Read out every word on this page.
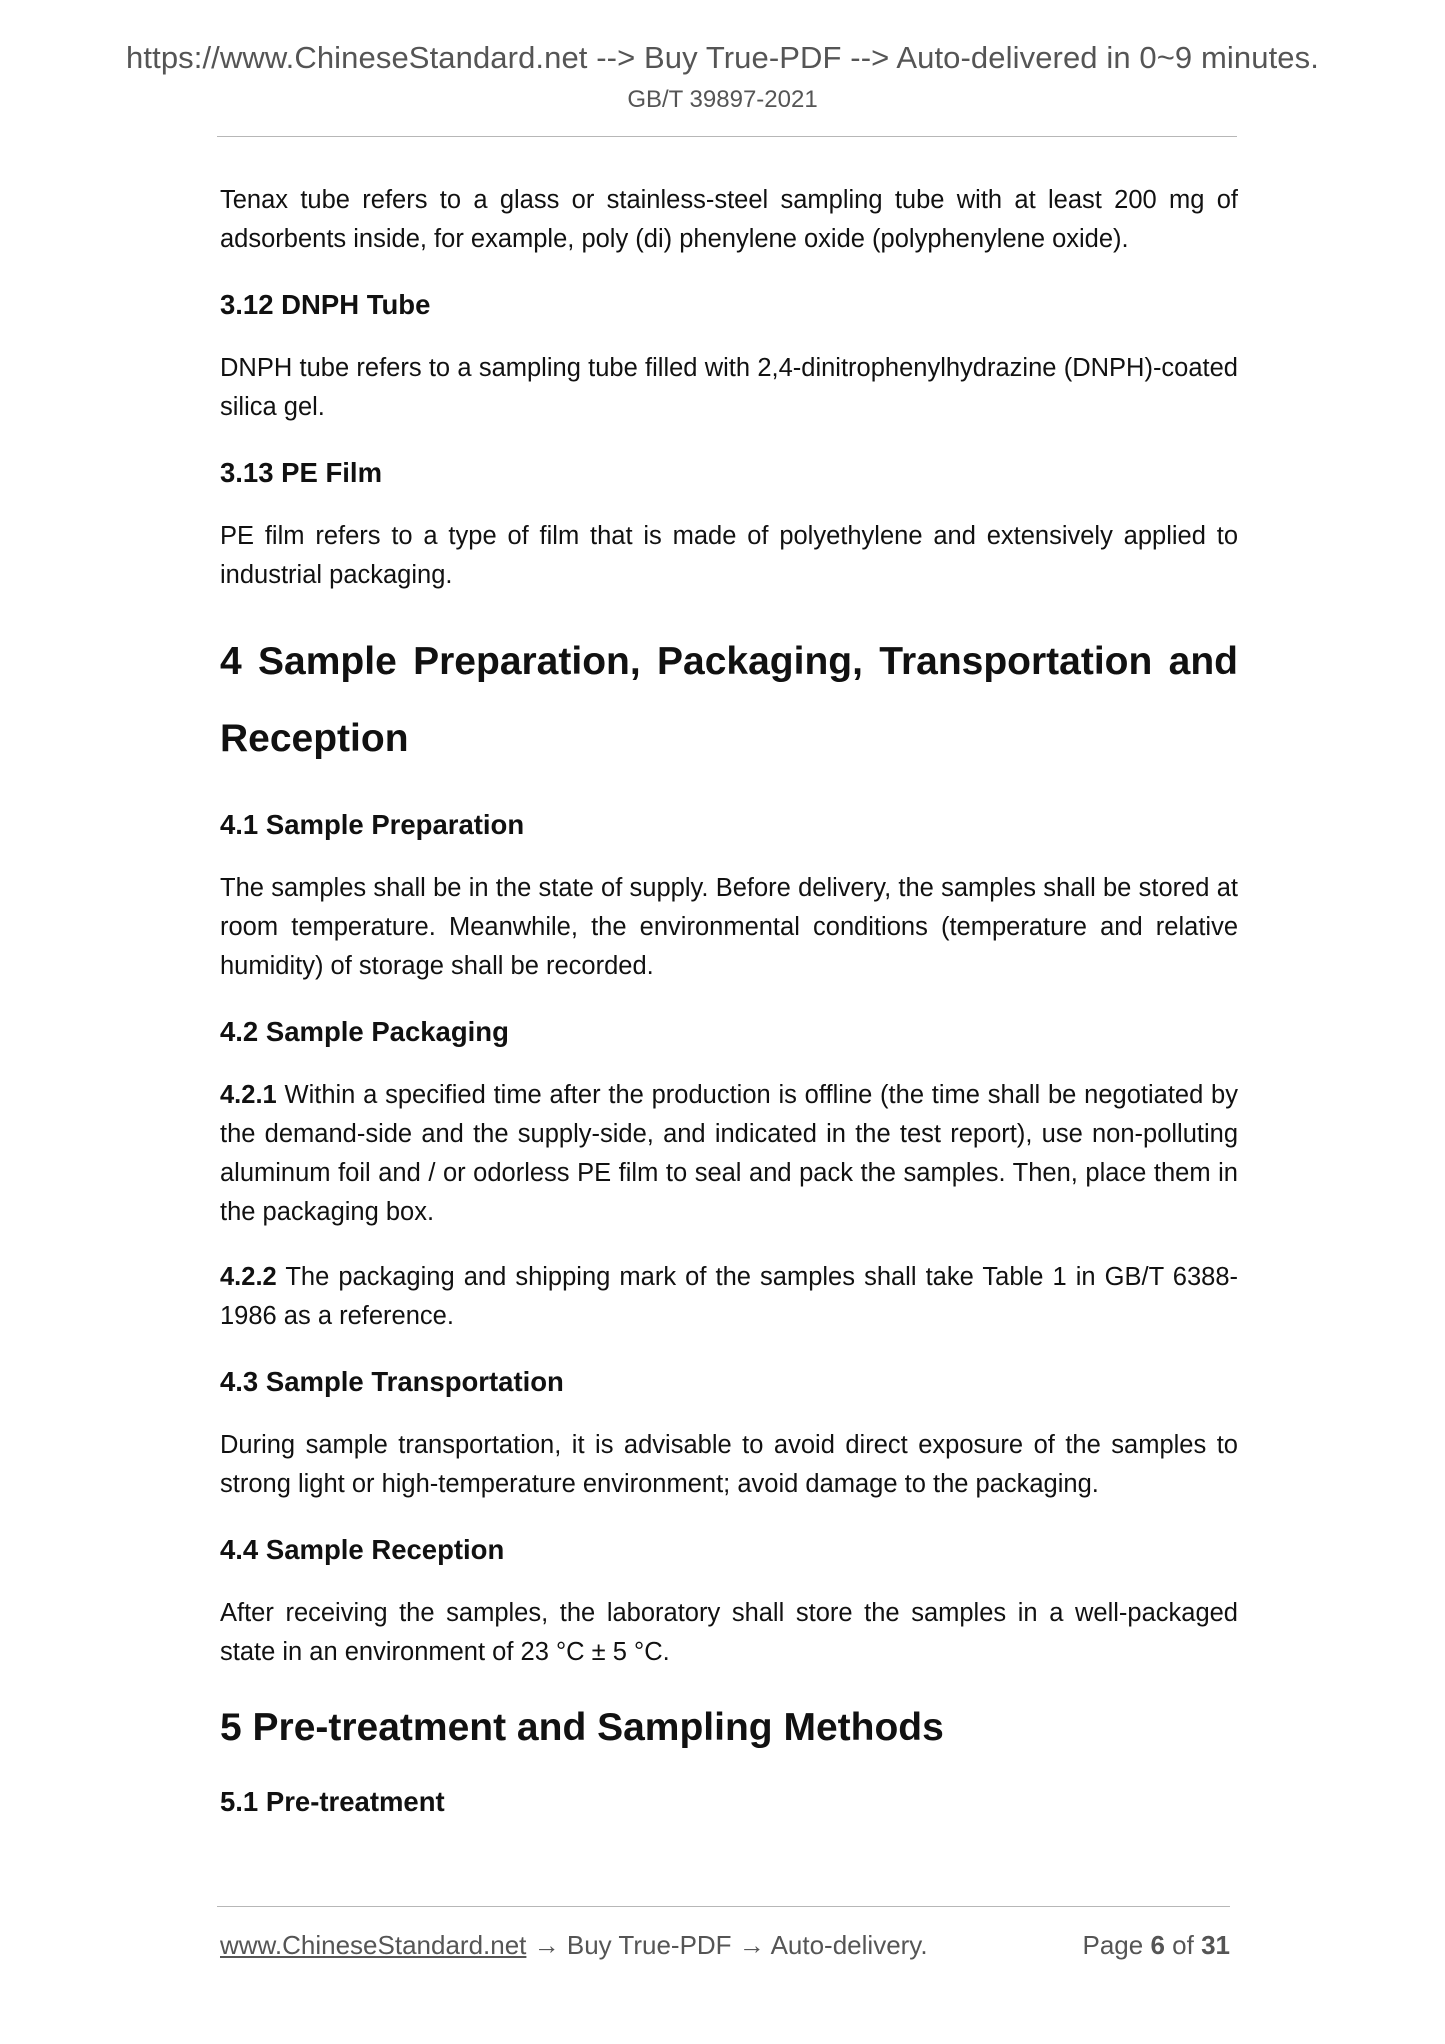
https://www.ChineseStandard.net --> Buy True-PDF --> Auto-delivered in 0~9 minutes.
GB/T 39897-2021

Tenax tube refers to a glass or stainless-steel sampling tube with at least 200 mg of adsorbents inside, for example, poly (di) phenylene oxide (polyphenylene oxide).

3.12 DNPH Tube

DNPH tube refers to a sampling tube filled with 2,4-dinitrophenylhydrazine (DNPH)-coated silica gel.

3.13 PE Film

PE film refers to a type of film that is made of polyethylene and extensively applied to industrial packaging.

4 Sample Preparation, Packaging, Transportation and Reception
4.1 Sample Preparation

The samples shall be in the state of supply. Before delivery, the samples shall be stored at room temperature. Meanwhile, the environmental conditions (temperature and relative humidity) of storage shall be recorded.

4.2 Sample Packaging

4.2.1 Within a specified time after the production is offline (the time shall be negotiated by the demand-side and the supply-side, and indicated in the test report), use non-polluting aluminum foil and / or odorless PE film to seal and pack the samples. Then, place them in the packaging box.

4.2.2 The packaging and shipping mark of the samples shall take Table 1 in GB/T 6388-1986 as a reference.

4.3 Sample Transportation

During sample transportation, it is advisable to avoid direct exposure of the samples to strong light or high-temperature environment; avoid damage to the packaging.

4.4 Sample Reception

After receiving the samples, the laboratory shall store the samples in a well-packaged state in an environment of 23 °C ± 5 °C.

5 Pre-treatment and Sampling Methods
5.1 Pre-treatment
www.ChineseStandard.net → Buy True-PDF → Auto-delivery.	Page 6 of 31
